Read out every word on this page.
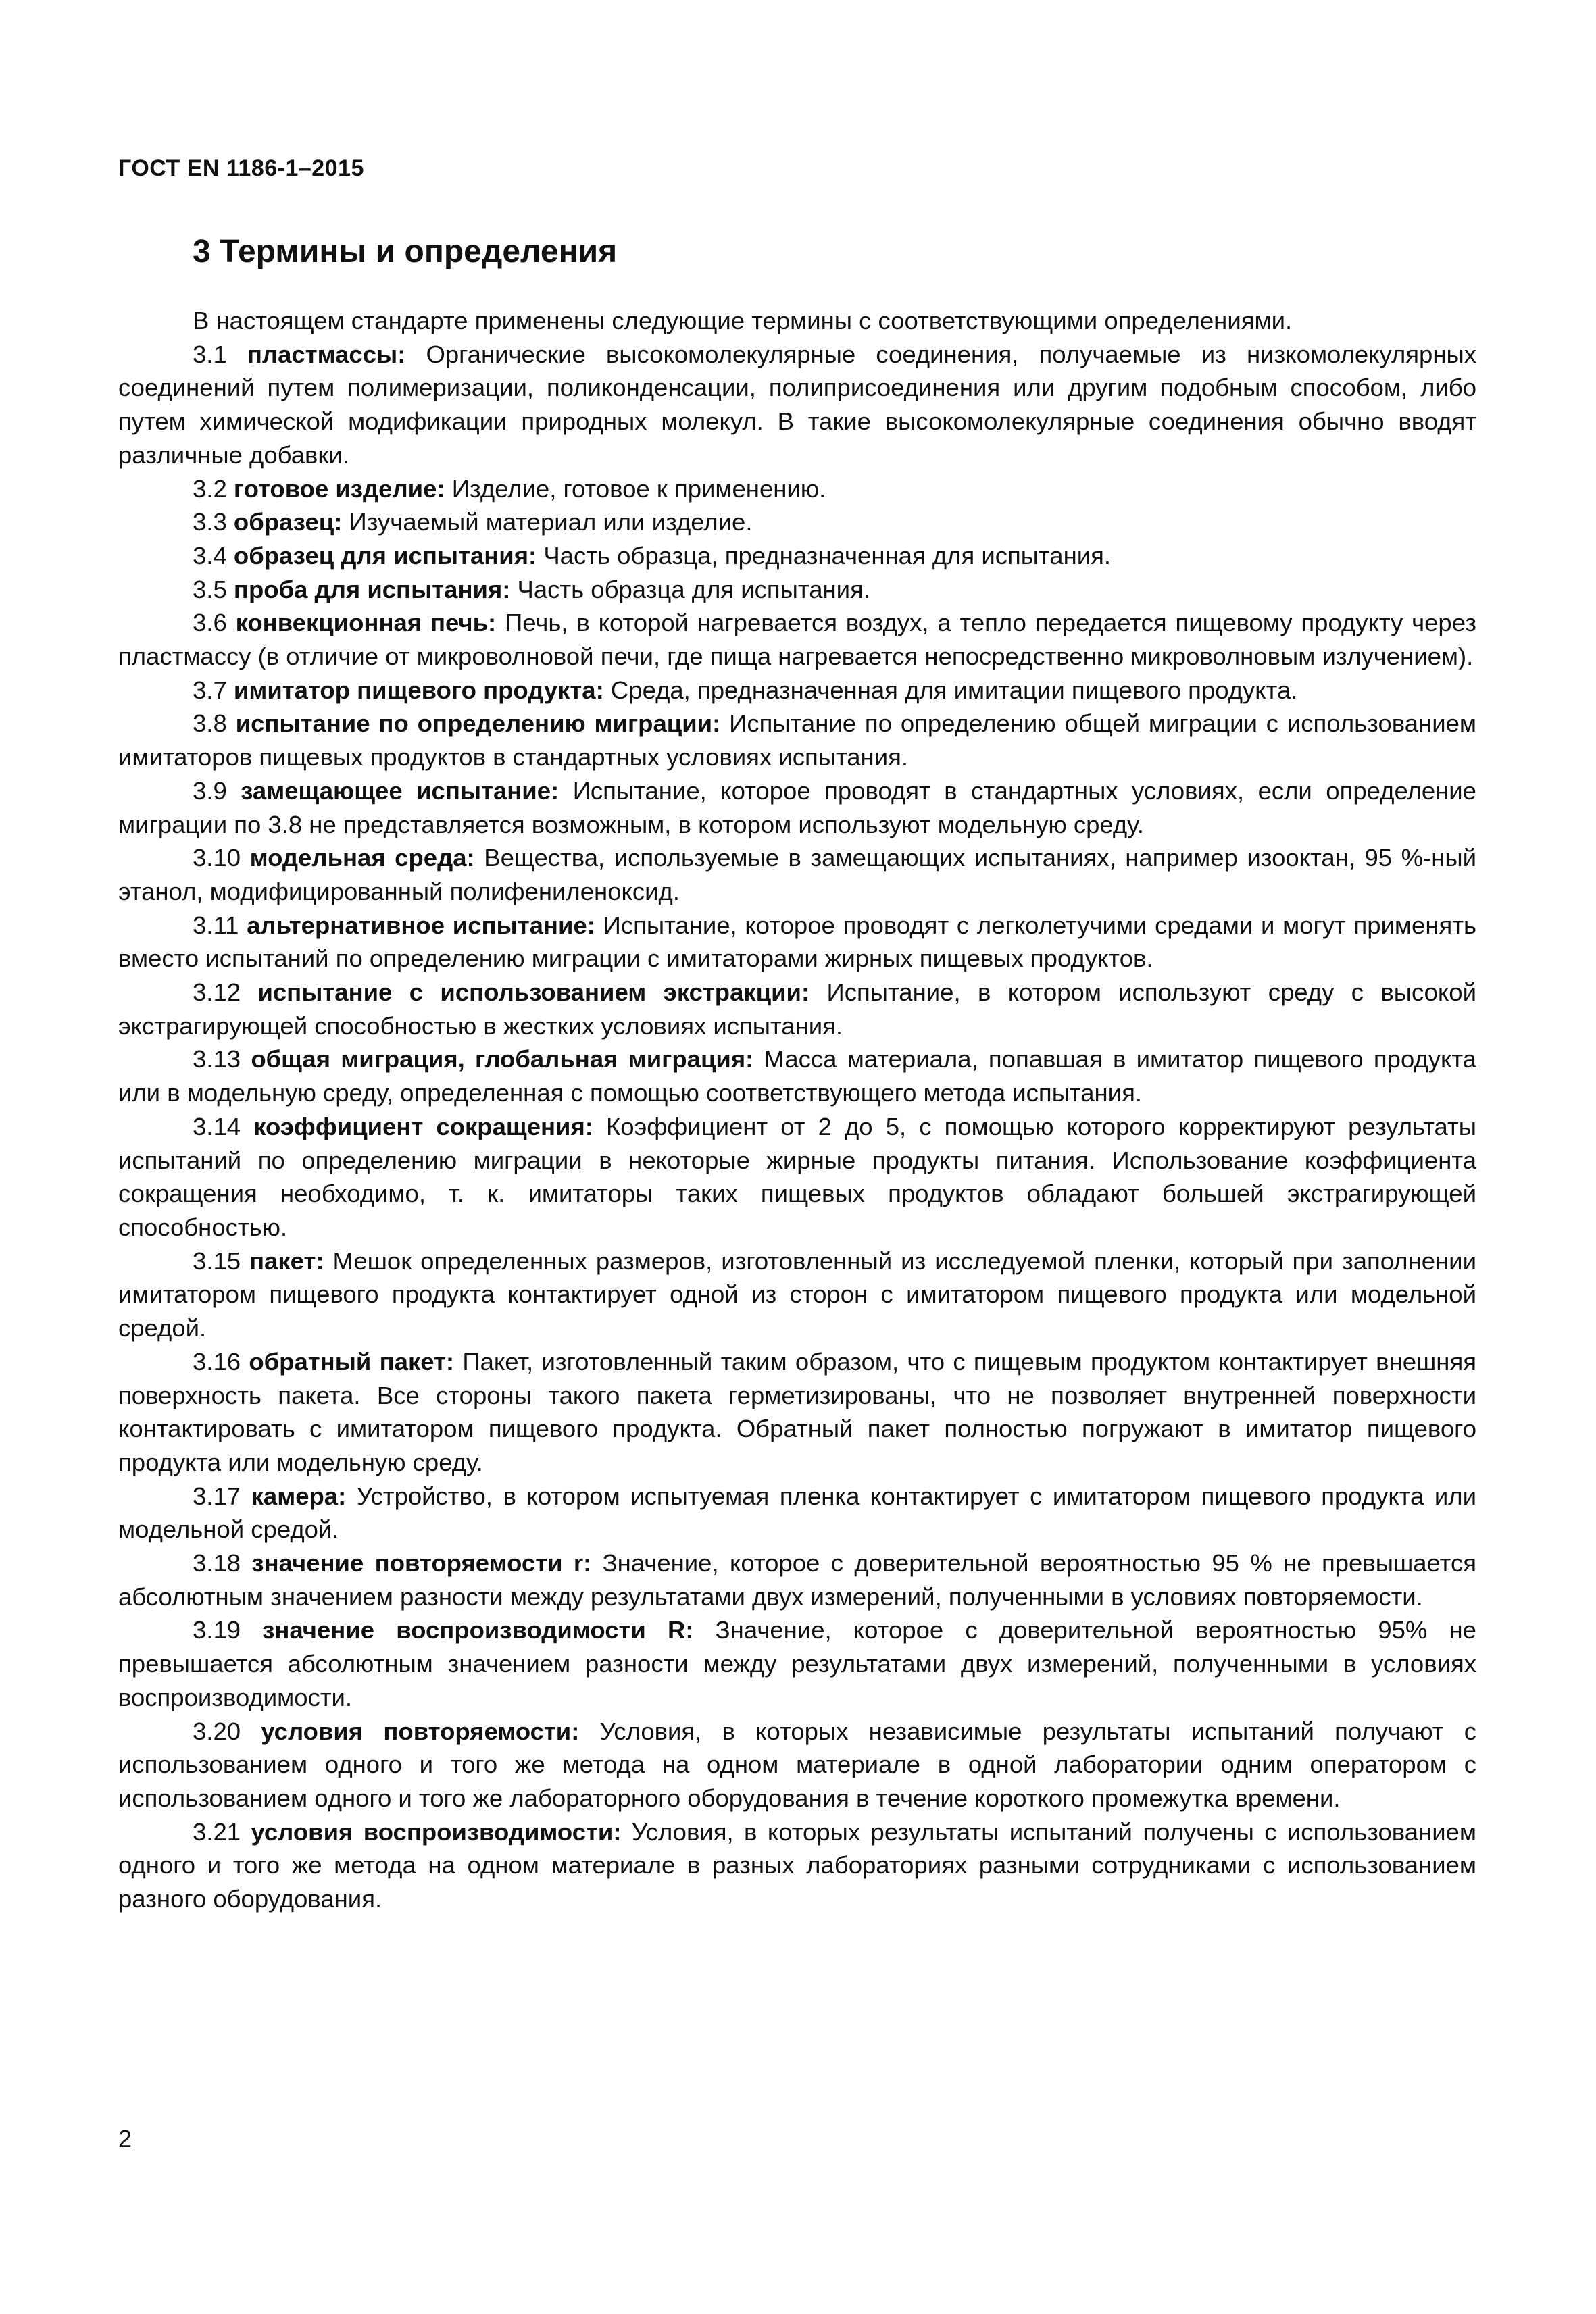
ГОСТ EN 1186-1–2015
3 Термины и определения

В настоящем стандарте применены следующие термины с соответствующими определениями.

3.1 пластмассы: Органические высокомолекулярные соединения, получаемые из низкомолекулярных соединений путем полимеризации, поликонденсации, полиприсоединения или другим подобным способом, либо путем химической модификации природных молекул. В такие высокомолекулярные соединения обычно вводят различные добавки.

3.2 готовое изделие: Изделие, готовое к применению.

3.3 образец: Изучаемый материал или изделие.

3.4 образец для испытания: Часть образца, предназначенная для испытания.

3.5 проба для испытания: Часть образца для испытания.

3.6 конвекционная печь: Печь, в которой нагревается воздух, а тепло передается пищевому продукту через пластмассу (в отличие от микроволновой печи, где пища нагревается непосредственно микроволновым излучением).

3.7 имитатор пищевого продукта: Среда, предназначенная для имитации пищевого продукта.

3.8 испытание по определению миграции: Испытание по определению общей миграции с использованием имитаторов пищевых продуктов в стандартных условиях испытания.

3.9 замещающее испытание: Испытание, которое проводят в стандартных условиях, если определение миграции по 3.8 не представляется возможным, в котором используют модельную среду.

3.10 модельная среда: Вещества, используемые в замещающих испытаниях, например изооктан, 95 %-ный этанол, модифицированный полифениленоксид.

3.11 альтернативное испытание: Испытание, которое проводят с легколетучими средами и могут применять вместо испытаний по определению миграции с имитаторами жирных пищевых продуктов.

3.12 испытание с использованием экстракции: Испытание, в котором используют среду с высокой экстрагирующей способностью в жестких условиях испытания.

3.13 общая миграция, глобальная миграция: Масса материала, попавшая в имитатор пищевого продукта или в модельную среду, определенная с помощью соответствующего метода испытания.

3.14 коэффициент сокращения: Коэффициент от 2 до 5, с помощью которого корректируют результаты испытаний по определению миграции в некоторые жирные продукты питания. Использование коэффициента сокращения необходимо, т. к. имитаторы таких пищевых продуктов обладают большей экстрагирующей способностью.

3.15 пакет: Мешок определенных размеров, изготовленный из исследуемой пленки, который при заполнении имитатором пищевого продукта контактирует одной из сторон с имитатором пищевого продукта или модельной средой.

3.16 обратный пакет: Пакет, изготовленный таким образом, что с пищевым продуктом контактирует внешняя поверхность пакета. Все стороны такого пакета герметизированы, что не позволяет внутренней поверхности контактировать с имитатором пищевого продукта. Обратный пакет полностью погружают в имитатор пищевого продукта или модельную среду.

3.17 камера: Устройство, в котором испытуемая пленка контактирует с имитатором пищевого продукта или модельной средой.

3.18 значение повторяемости r: Значение, которое с доверительной вероятностью 95 % не превышается абсолютным значением разности между результатами двух измерений, полученными в условиях повторяемости.

3.19 значение воспроизводимости R: Значение, которое с доверительной вероятностью 95% не превышается абсолютным значением разности между результатами двух измерений, полученными в условиях воспроизводимости.

3.20 условия повторяемости: Условия, в которых независимые результаты испытаний получают с использованием одного и того же метода на одном материале в одной лаборатории одним оператором с использованием одного и того же лабораторного оборудования в течение короткого промежутка времени.

3.21 условия воспроизводимости: Условия, в которых результаты испытаний получены с использованием одного и того же метода на одном материале в разных лабораториях разными сотрудниками с использованием разного оборудования.

2
